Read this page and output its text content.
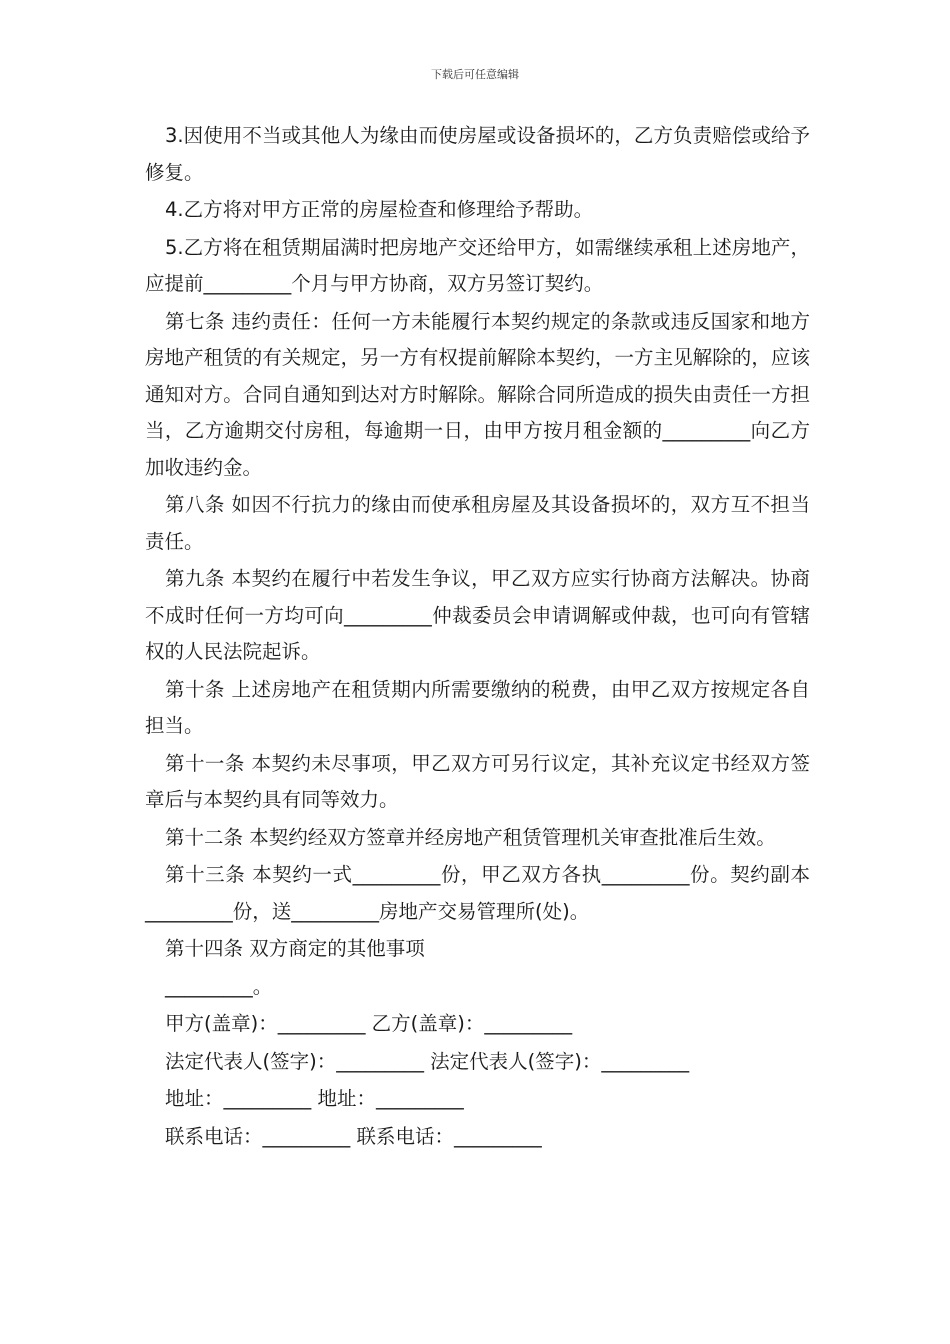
下载后可任意编辑

3.因使用不当或其他人为缘由而使房屋或设备损坏的，乙方负责赔偿或给予修复。

4.乙方将对甲方正常的房屋检查和修理给予帮助。

5.乙方将在租赁期届满时把房地产交还给甲方，如需继续承租上述房地产，应提前_________个月与甲方协商，双方另签订契约。

第七条 违约责任：任何一方未能履行本契约规定的条款或违反国家和地方房地产租赁的有关规定，另一方有权提前解除本契约，一方主见解除的，应该通知对方。合同自通知到达对方时解除。解除合同所造成的损失由责任一方担当，乙方逾期交付房租，每逾期一日，由甲方按月租金额的_________向乙方加收违约金。

第八条 如因不行抗力的缘由而使承租房屋及其设备损坏的，双方互不担当责任。

第九条 本契约在履行中若发生争议，甲乙双方应实行协商方法解决。协商不成时任何一方均可向_________仲裁委员会申请调解或仲裁，也可向有管辖权的人民法院起诉。

第十条 上述房地产在租赁期内所需要缴纳的税费，由甲乙双方按规定各自担当。

第十一条 本契约未尽事项，甲乙双方可另行议定，其补充议定书经双方签章后与本契约具有同等效力。

第十二条 本契约经双方签章并经房地产租赁管理机关审查批准后生效。

第十三条 本契约一式_________份，甲乙双方各执_________份。契约副本_________份，送_________房地产交易管理所(处)。

第十四条 双方商定的其他事项

_________。
甲方(盖章)：_________ 乙方(盖章)：_________
法定代表人(签字)：_________ 法定代表人(签字)：_________
地址：_________ 地址：_________
联系电话：_________ 联系电话：_________
